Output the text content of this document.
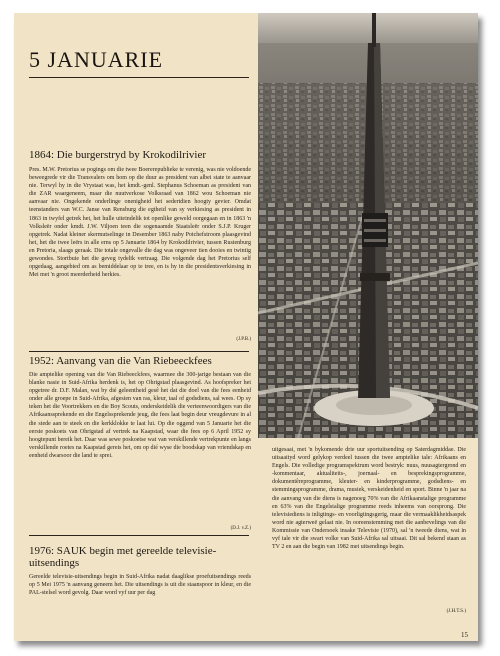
5 JANUARIE
1864: Die burgerstryd by Krokodilrivier
Pres. M.W. Pretorius se pogings om die twee Boererepublieke te verenig, was nie voldoende beweegrede vir die Transvalers om hom op die duur as president van albei state te aanvaar nie. Terwyl hy in die Vrystaat was, het kmdt.-genl. Stephanus Schoeman as president van die ZAR waargeneem, maar die nuutverkose Volksraad van 1862 wou Schoeman nie aanvaar nie. Ongekende onderlinge onenigheid het sedertdien hoogty gevier. Omdat teenstanders van W.C. Janse van Rensburg die egtheid van sy verkiesing as president in 1863 in twyfel getrek het, het hulle uiteindelik tot openlike geweld oorgegaan en in 1863 'n Volksleër onder kmdt. J.W. Viljoen teen die sogenaamde Staatsleër onder S.J.P. Kruger opgetrek. Nadat kleiner skermutselinge in Desember 1863 naby Potchefstroom plaasgevind het, het die twee leërs in alle erns op 5 Januarie 1864 by Krokodilrivier, tussen Rustenburg en Pretoria, slaags geraak. Die totale ongevalle die dag was ongeveer tien dooies en twintig gewondes. Stortbuie het die geveg tydelik vertraag. Die volgende dag het Pretorius self opgedaag, aangebied om as bemiddelaar op te tree, en is hy in die presidentsverkiesing in Mei met 'n groot meerderheid herkies.
(J.P.B.)
1952: Aanvang van die Van Riebeeckfees
Die amptelike opening van die Van Riebeeckfees, waarmee die 300-jarige bestaan van die blanke nasie in Suid-Afrika herdenk is, het op Ohrigstad plaasgevind. As hoofspreker het opgetree dr. D.F. Malan, wat by dié geleentheid gesê het dat die doel van die fees eenheid onder alle groepe in Suid-Afrika, afgesien van ras, kleur, taal of godsdiens, sal wees. Op sy teken het die Voortrekkers en die Boy Scouts, onderskeidelik die verteenwoordigers van die Afrikaanssprekende en die Engelssprekende jeug, die fees laat begin deur vreugdevure in al die stede aan te steek en die kerkklokke te laat lui. Op die oggend van 5 Januarie het die eerste poskoets van Ohrigstad af vertrek na Kaapstad, waar die fees op 6 April 1952 sy hoogtepunt bereik het. Daar was sewe poskoetse wat van verskillende vertrekpunte en langs verskillende roetes na Kaapstad gereis het, om op dié wyse die boodskap van vriendskap en eenheid dwarsoor die land te sprei.
(D.J. v.Z.)
1976: SAUK begin met gereelde televisie-uitsendings
Gereelde televisie-uitsendings begin in Suid-Afrika nadat daaglikse proefuitsendings reeds op 5 Mei 1975 'n aanvang geneem het. Die uitsendings is uit die staanspoor in kleur, en die PAL-stelsel word gevolg. Daar word vyf uur per dag
uitgesaai, met 'n bykomende drie uur sportuitsending op Saterdagmiddae. Die uitsaaityd word gelykop verdeel tussen die twee amptelike tale: Afrikaans en Engels. Die volledige programspektrum word bestryk: nuus, nuusagtergrond en -kommentaar, aktualiteits-, joernaal- en besprekingsprogramme, dokumentêreprogramme, kleuter- en kinderprogramme, godsdiens- en stemmingsprogramme, drama, musiek, verskeidenheid en sport. Binne 'n jaar na die aanvang van die diens is nagenoeg 70% van die Afrikaanstalige programme en 63% van die Engelstalige programme reeds inheems van oorsprong. Die televisiediens is inligtings- en voorligtingsgerig, maar die vermaaklikheidsaspek word nie agterweë gelaat nie. In ooreenstemming met die aanbevelings van die Kommissie van Ondersoek insake Televisie (1970), sal 'n tweede diens, wat in vyf tale vir die swart volke van Suid-Afrika sal uitsaai. Dit sal bekend staan as TV 2 en aan die begin van 1982 met uitsendings begin.
(J.H.T.S.)
15
